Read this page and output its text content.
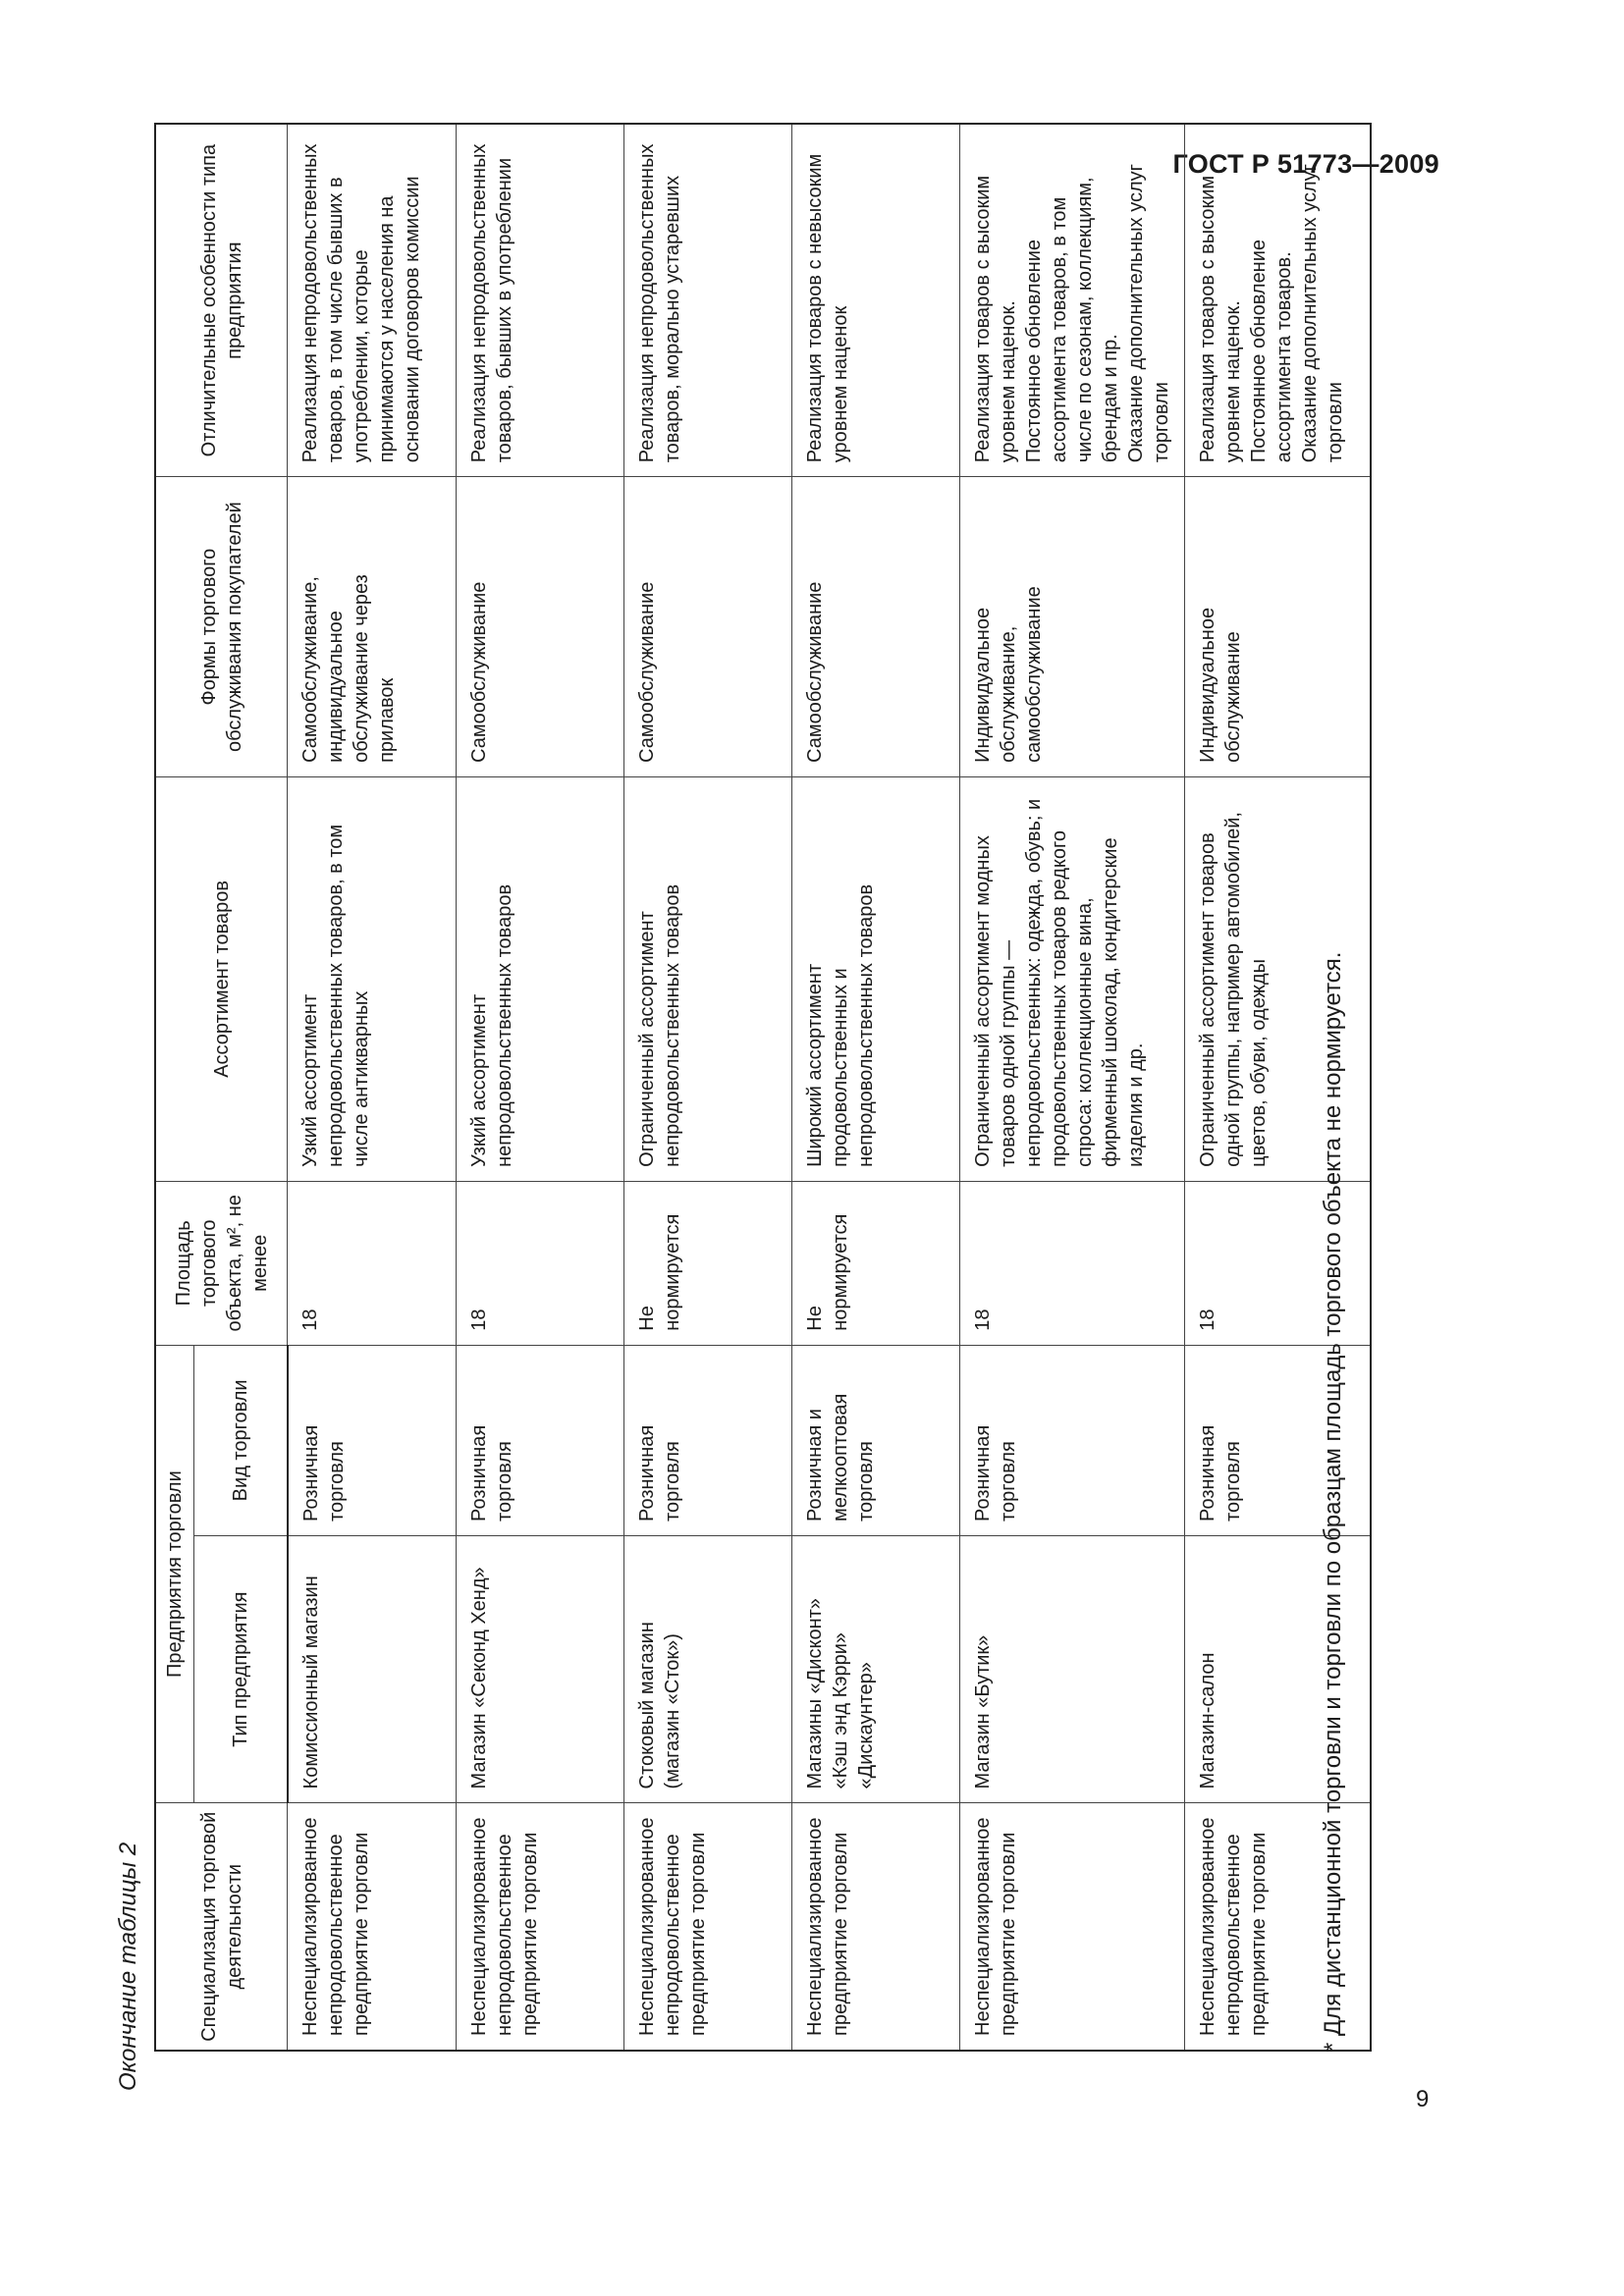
ГОСТ Р 51773—2009
Окончание таблицы 2	Специализация торговой деятельности	Предприятия торговли		Площадь торгового объекта, м², не менее	Ассортимент товаров	Формы торгового обслуживания покупателей	Отличительные особенности типа предприятия
	Тип предприятия	Вид торговли				
Неспециализированное непродовольственное предприятие торговли	Комиссионный магазин	Розничная торговля	18	Узкий ассортимент непродовольственных товаров, в том числе антикварных	Самообслуживание, индивидуальное обслуживание через прилавок	Реализация непродовольственных товаров, в том числе бывших в употреблении, которые принимаются у населения на основании договоров комиссии
Неспециализированное непродовольственное предприятие торговли	Магазин «Секонд Хенд»	Розничная торговля	18	Узкий ассортимент непродовольственных товаров	Самообслуживание	Реализация непродовольственных товаров, бывших в употреблении
Неспециализированное непродовольственное предприятие торговли	Стоковый магазин (магазин «Сток»)	Розничная торговля	Не нормируется	Ограниченный ассортимент непродовольственных товаров	Самообслуживание	Реализация непродовольственных товаров, морально устаревших
Неспециализированное предприятие торговли	Магазины «Дисконт» «Кэш энд Кэрри» «Дискаунтер»	Розничная и мелкооптовая торговля	Не нормируется	Широкий ассортимент продовольственных и непродовольственных товаров	Самообслуживание	Реализация товаров с невысоким уровнем наценок
Неспециализированное предприятие торговли	Магазин «Бутик»	Розничная торговля	18	Ограниченный ассортимент модных товаров одной группы — непродовольственных: одежда, обувь; и продовольственных товаров редкого спроса: коллекционные вина, фирменный шоколад, кондитерские изделия и др.	Индивидуальное обслуживание, самообслуживание	Реализация товаров с высоким уровнем наценок. Постоянное обновление ассортимента товаров, в том числе по сезонам, коллекциям, брендам и пр. Оказание дополнительных услуг торговли

Неспециализированное непродовольственное предприятие торговли	Магазин-салон	Розничная торговля	18	Ограниченный ассортимент товаров одной группы, например автомобилей, цветов, обуви, одежды	Индивидуальное обслуживание	Реализация товаров с высоким уровнем наценок. Постоянное обновление ассортимента товаров. Оказание дополнительных услуг торговли
* Для дистанционной торговли и торговли по образцам площадь торгового объекта не нормируется.
9
